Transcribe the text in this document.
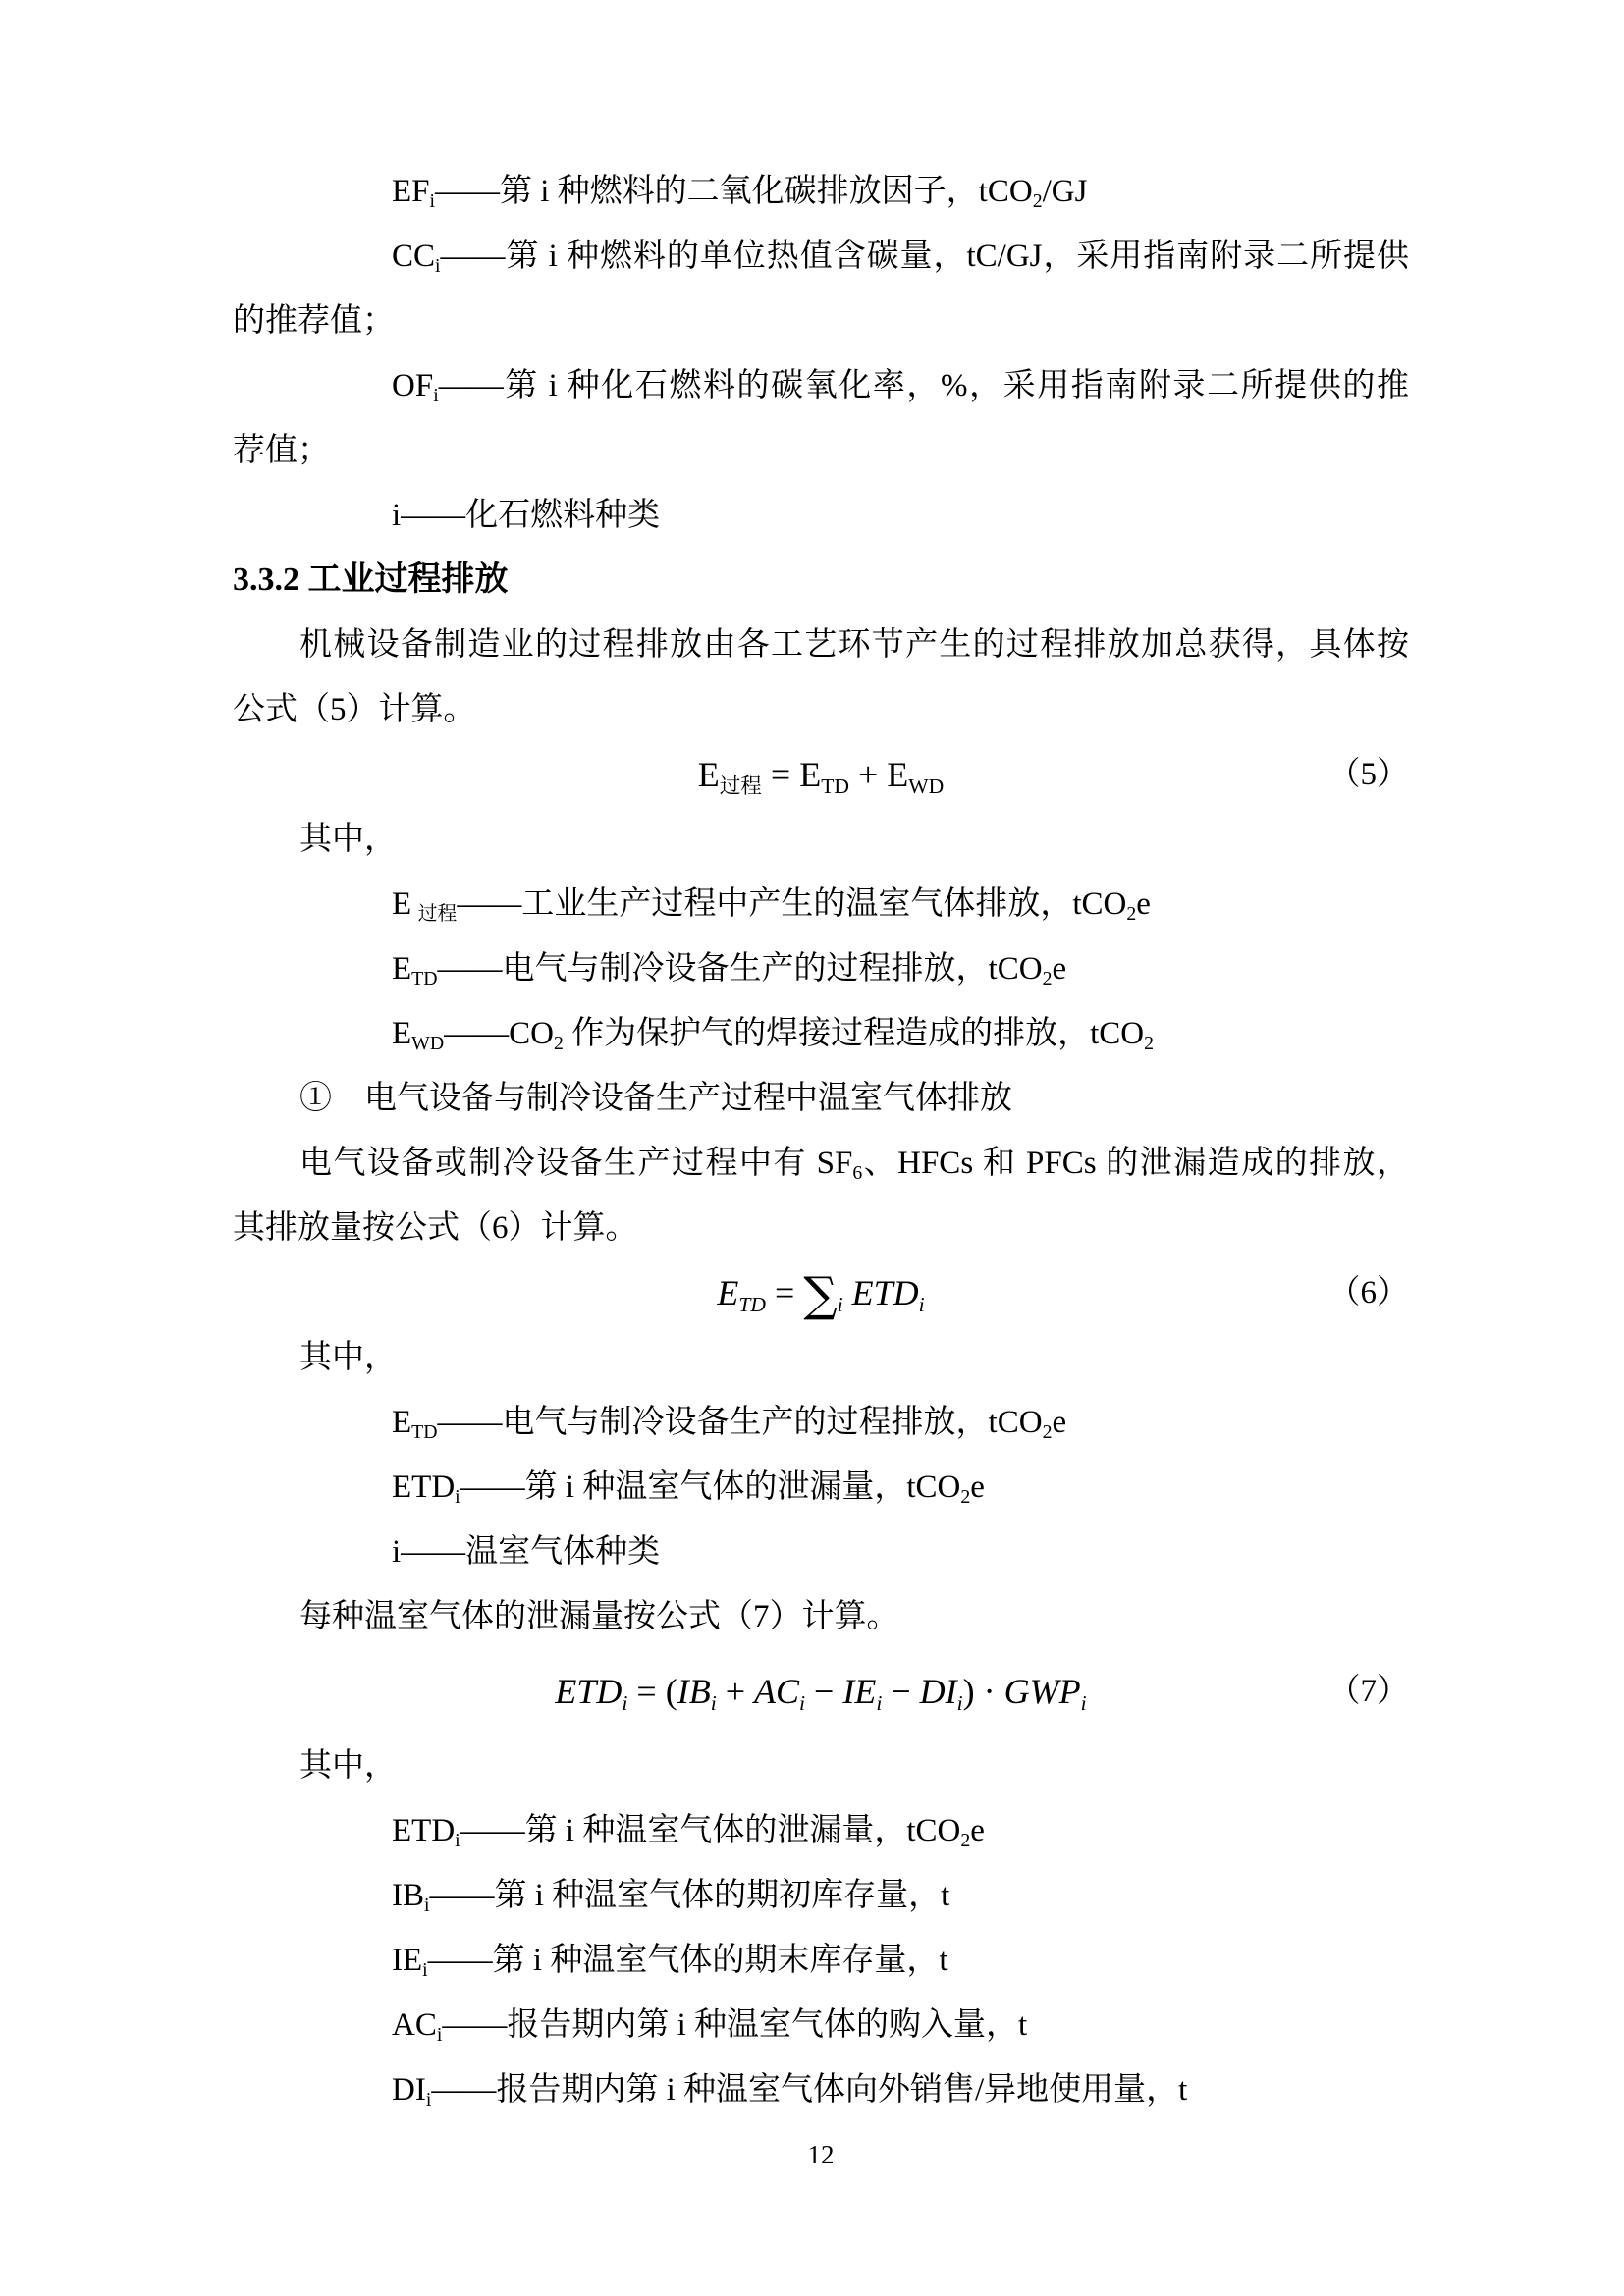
$EF_i——$第 i 种燃料的二氧化碳排放因子，tCO$_2$/GJ
$CC_i——$第 i 种燃料的单位热值含碳量，tC/GJ，采用指南附录二所提供
的推荐值；
$OF_i——$第 i 种化石燃料的碳氧化率，%，采用指南附录二所提供的推
荐值；
i——化石燃料种类
3.3.2 工业过程排放
机械设备制造业的过程排放由各工艺环节产生的过程排放加总获得，具体按
公式（5）计算。
$E_{过程} = E_{TD} + E_{WD}$	（5）
其中，
E $_{过程}$——工业生产过程中产生的温室气体排放，tCO$_2$e
$E_{TD}——$电气与制冷设备生产的过程排放，tCO$_2$e
$E_{WD}——CO_2$ 作为保护气的焊接过程造成的排放，tCO$_2$
①　电气设备与制冷设备生产过程中温室气体排放
电气设备或制冷设备生产过程中有 $SF_6$、HFCs 和 PFCs 的泄漏造成的排放，
其排放量按公式（6）计算。
$E_{TD} = \sum_i$ $ETD_i$	（6）
其中，
$E_{TD}——$电气与制冷设备生产的过程排放，tCO$_2$e
$ETD_i——$第 i 种温室气体的泄漏量，tCO$_2$e
i——温室气体种类
每种温室气体的泄漏量按公式（7）计算。
$ETD_i = (IB_i + AC_i - IE_i - DI_i) \cdot GWP_i$	（7）
其中，
$ETD_i——$第 i 种温室气体的泄漏量，tCO$_2$e
$IB_i——$第 i 种温室气体的期初库存量，t
$IE_i——$第 i 种温室气体的期末库存量，t
$AC_i——$报告期内第 i 种温室气体的购入量，t
$DI_i——$报告期内第 i 种温室气体向外销售/异地使用量，t
12
